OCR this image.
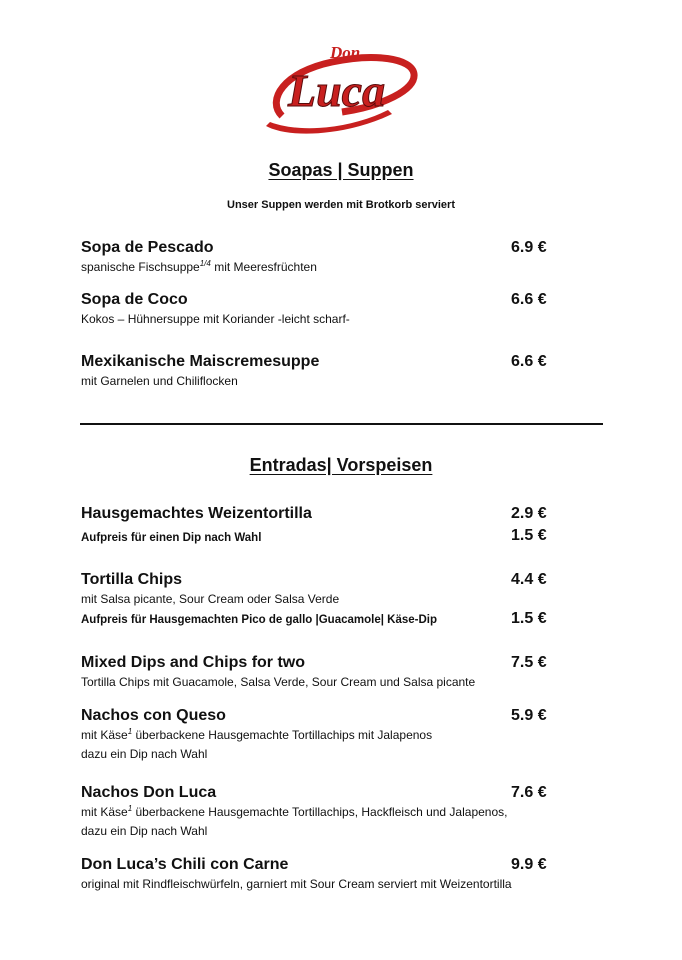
Don
Luca
Soapas | Suppen
Unser Suppen werden mit Brotkorb serviert
Sopa de Pescado
spanische Fischsuppe$^{1/4}$ mit Meeresfrüchten
6.9 €
Sopa de Coco
Kokos – Hühnersuppe mit Koriander -leicht scharf-
6.6 €
Mexikanische Maiscremesuppe
mit Garnelen und Chiliflocken
6.6 €
Entradas| Vorspeisen
Hausgemachtes Weizentortilla
Aufpreis für einen Dip nach Wahl
2.9 €
1.5 €
Tortilla Chips
mit Salsa picante, Sour Cream oder Salsa Verde
Aufpreis für Hausgemachten Pico de gallo |Guacamole| Käse-Dip
4.4 €
1.5 €
Mixed Dips and Chips for two
Tortilla Chips mit Guacamole, Salsa Verde, Sour Cream und Salsa picante
7.5 €
Nachos con Queso
mit Käse$^1$ überbackene Hausgemachte Tortillachips mit Jalapenos
dazu ein Dip nach Wahl
5.9 €
Nachos Don Luca
mit Käse$^1$ überbackene Hausgemachte Tortillachips, Hackfleisch und Jalapenos,
dazu ein Dip nach Wahl
7.6 €
Don Luca’s Chili con Carne
original mit Rindfleischwürfeln, garniert mit Sour Cream serviert mit Weizentortilla
9.9 €
